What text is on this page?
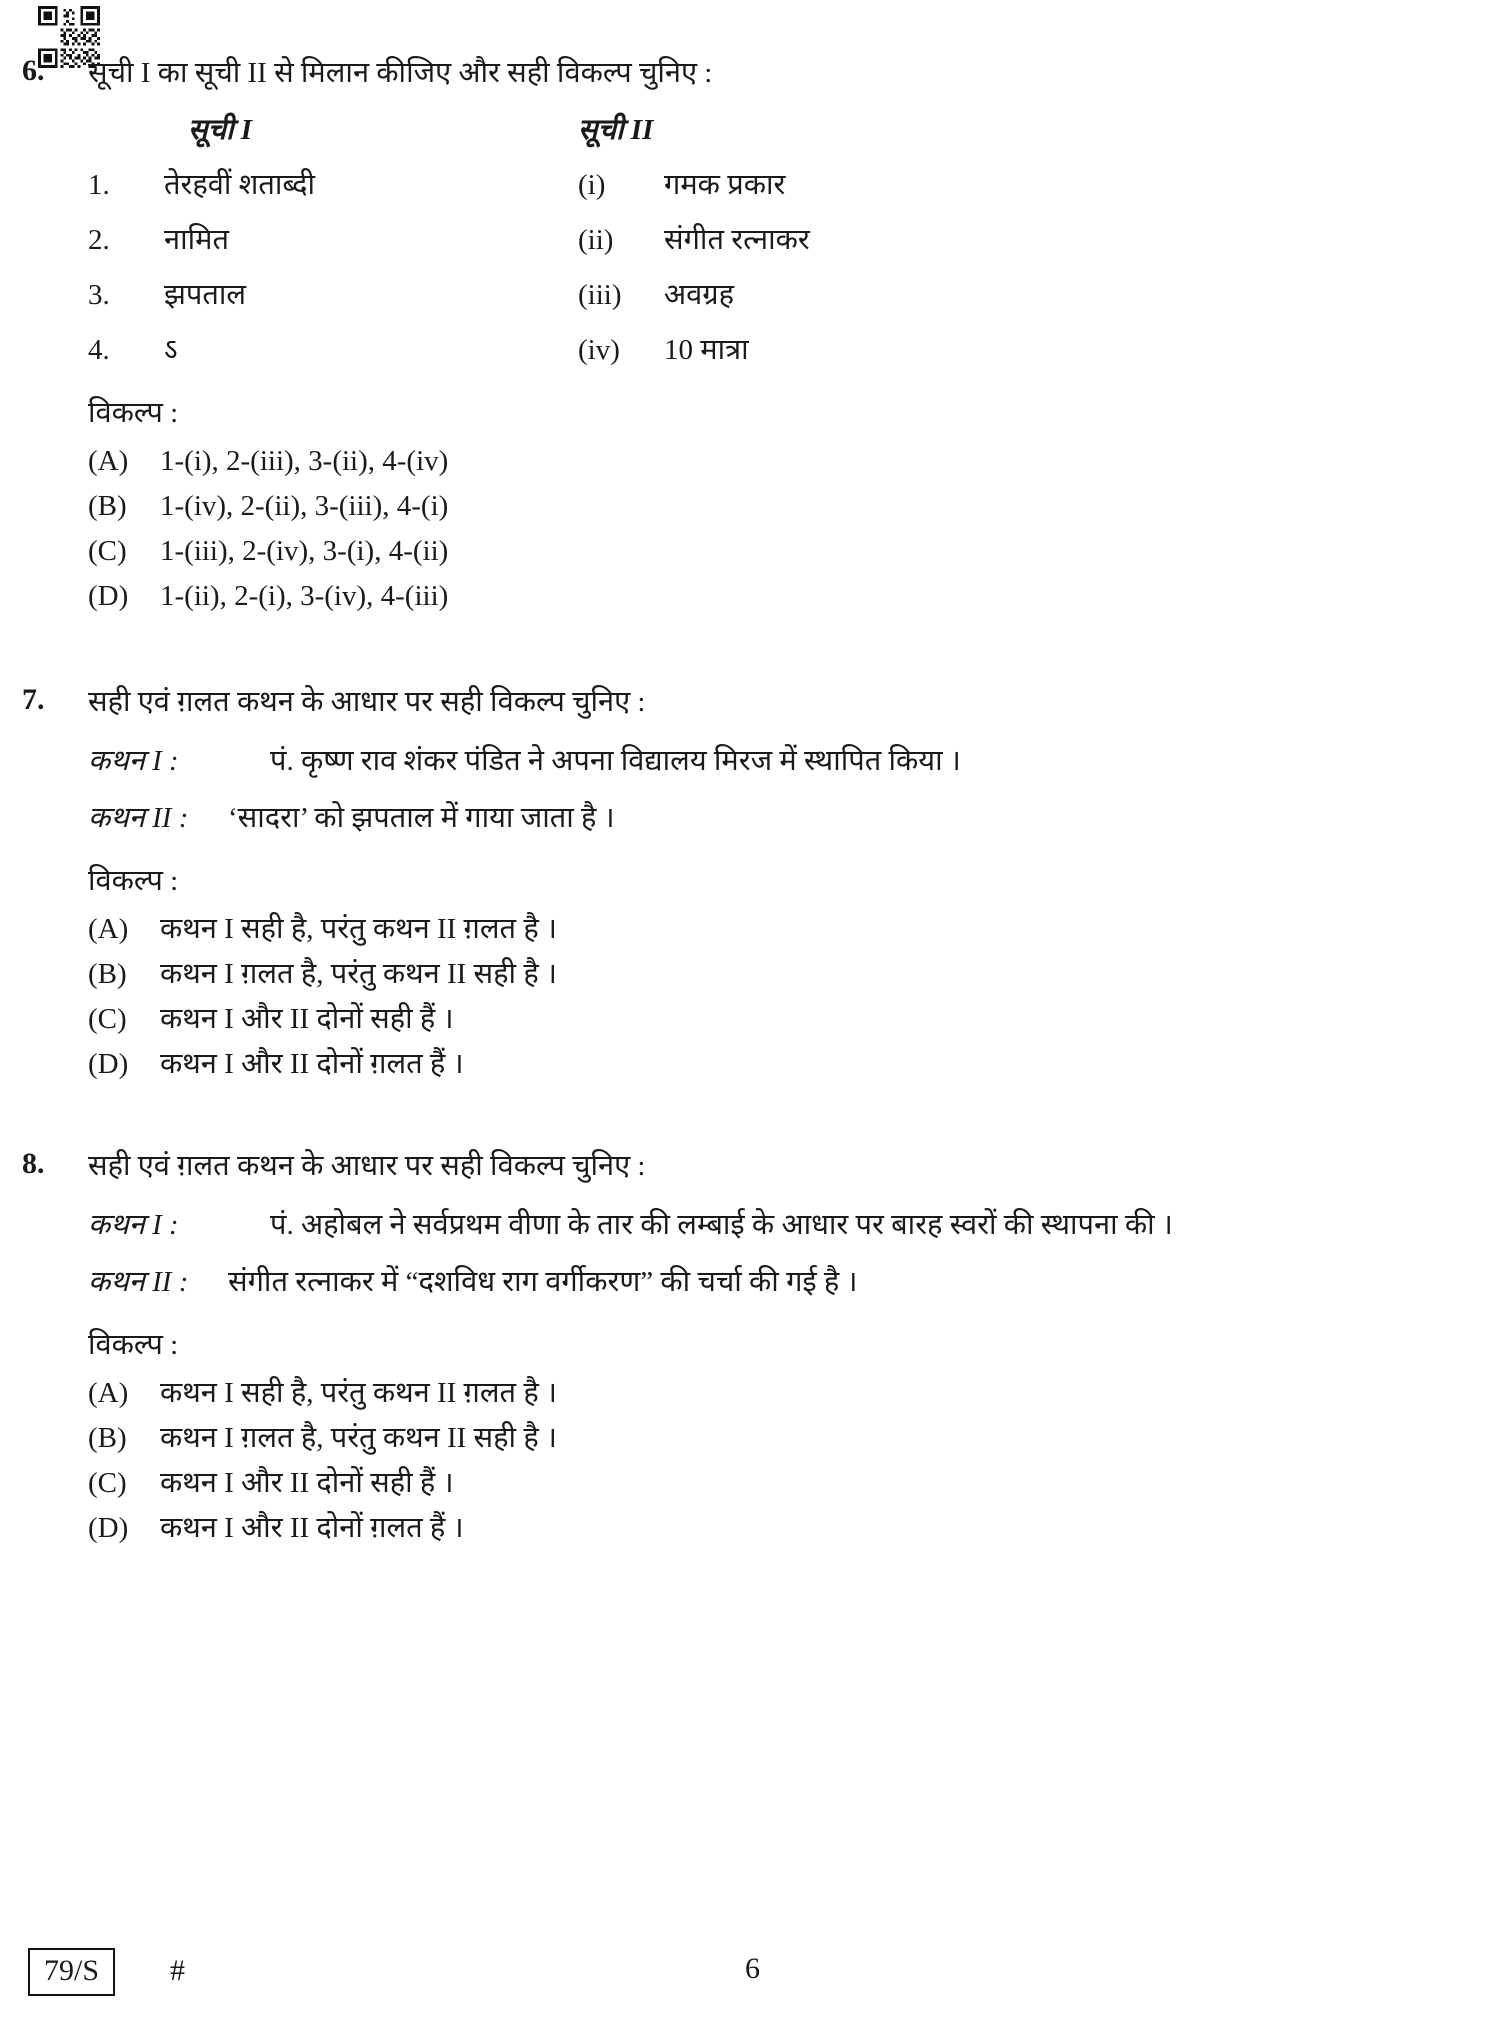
6. सूची I का सूची II से मिलान कीजिए और सही विकल्प चुनिए :
सूची I	सूची II
1.	तेरहवीं शताब्दी	(i)	गमक प्रकार
2.	नामित	(ii)	संगीत रत्नाकर
3.	झपताल	(iii)	अवग्रह
4.	ऽ	(iv)	10 मात्रा
विकल्प :
(A)	1-(i), 2-(iii), 3-(ii), 4-(iv)
(B)	1-(iv), 2-(ii), 3-(iii), 4-(i)
(C)	1-(iii), 2-(iv), 3-(i), 4-(ii)
(D)	1-(ii), 2-(i), 3-(iv), 4-(iii)
7. सही एवं ग़लत कथन के आधार पर सही विकल्प चुनिए :
कथन I :	पं. कृष्ण राव शंकर पंडित ने अपना विद्यालय मिरज में स्थापित किया ।
कथन II :	‘सादरा’ को झपताल में गाया जाता है ।
विकल्प :
(A)	कथन I सही है, परंतु कथन II ग़लत है ।
(B)	कथन I ग़लत है, परंतु कथन II सही है ।
(C)	कथन I और II दोनों सही हैं ।
(D)	कथन I और II दोनों ग़लत हैं ।
8. सही एवं ग़लत कथन के आधार पर सही विकल्प चुनिए :
कथन I :	पं. अहोबल ने सर्वप्रथम वीणा के तार की लम्बाई के आधार पर बारह स्वरों की स्थापना की ।
कथन II :	संगीत रत्नाकर में “दशविध राग वर्गीकरण” की चर्चा की गई है ।
विकल्प :
(A)	कथन I सही है, परंतु कथन II ग़लत है ।
(B)	कथन I ग़लत है, परंतु कथन II सही है ।
(C)	कथन I और II दोनों सही हैं ।
(D)	कथन I और II दोनों ग़लत हैं ।
79/S	#	6
